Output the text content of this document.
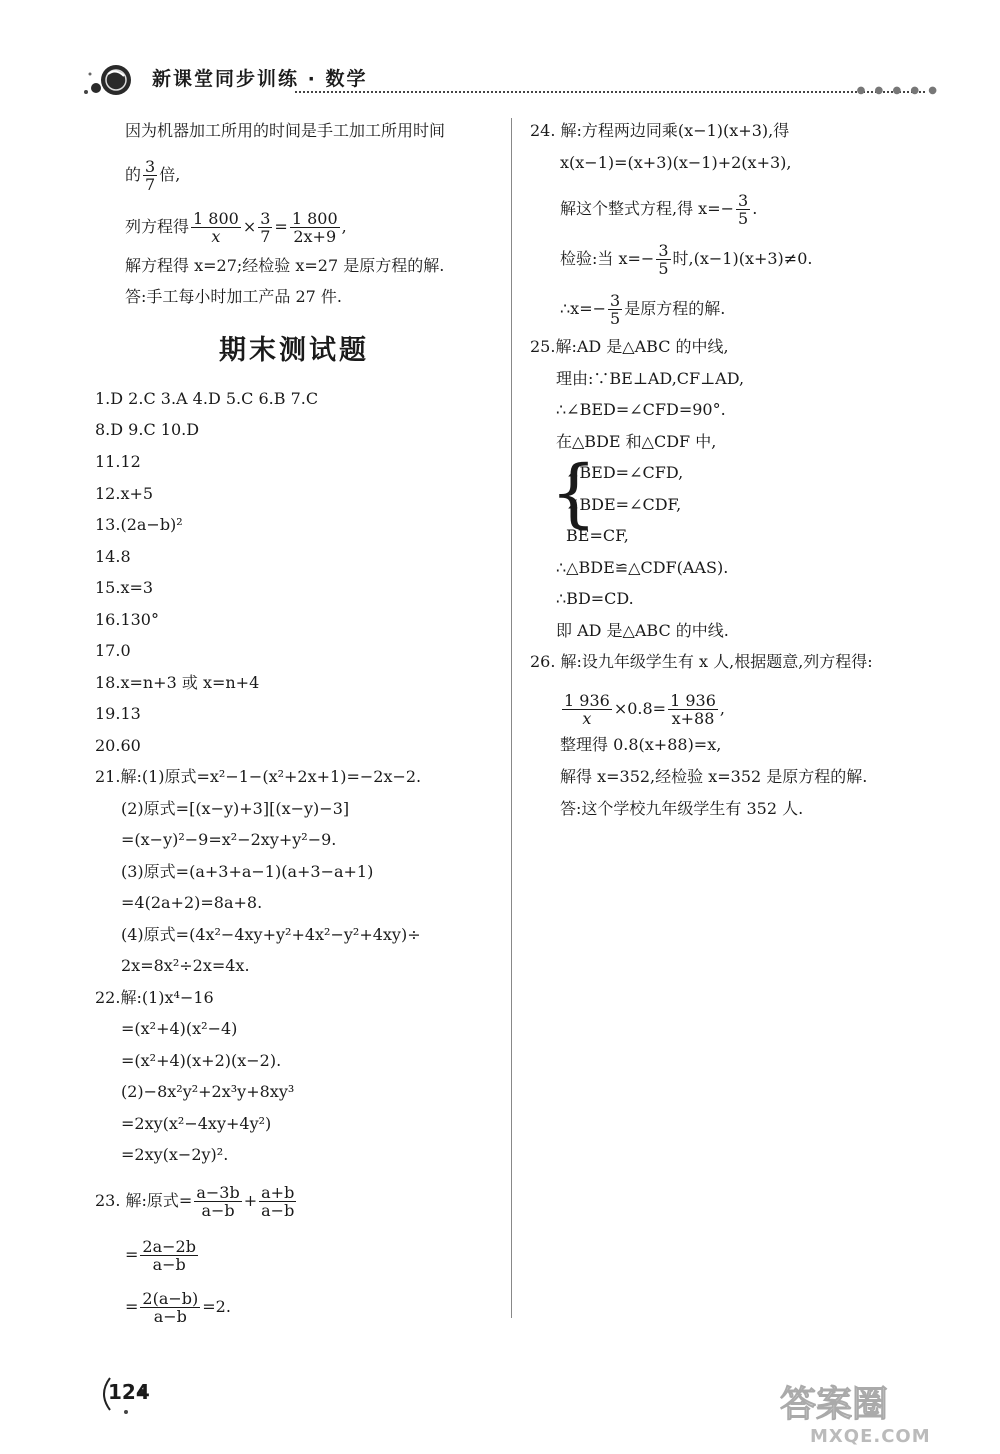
新课堂同步训练 · 数学
● ● ● ● ●
因为机器加工所用的时间是手工加工所用时间
的 $\frac{3}{7}$ 倍,
列方程得 $\frac{1 800}{x} \times \frac{3}{7} = \frac{1 800}{2x+9}$ ,
解方程得 x=27;经检验 x=27 是原方程的解.
答:手工每小时加工产品 27 件.
期末测试题
1.D 2.C 3.A 4.D 5.C 6.B 7.C
8.D 9.C 10.D
11.12
12.x+5
13.(2a−b)²
14.8
15.x=3
16.130°
17.0
18.x=n+3 或 x=n+4
19.13
20.60
21.解:(1)原式=x²−1−(x²+2x+1)=−2x−2.
(2)原式=[(x−y)+3][(x−y)−3]
=(x−y)²−9=x²−2xy+y²−9.
(3)原式=(a+3+a−1)(a+3−a+1)
=4(2a+2)=8a+8.
(4)原式=(4x²−4xy+y²+4x²−y²+4xy)÷
2x=8x²÷2x=4x.
22.解:(1)x⁴−16
=(x²+4)(x²−4)
=(x²+4)(x+2)(x−2).
(2)−8x²y²+2x³y+8xy³
=2xy(x²−4xy+4y²)
=2xy(x−2y)².
23. 解:原式= $\frac{a-3b}{a-b} + \frac{a+b}{a-b}$
= $\frac{2a-2b}{a-b}$
= $\frac{2(a-b)}{a-b} =2$.
24. 解:方程两边同乘(x−1)(x+3),得
x(x−1)=(x+3)(x−1)+2(x+3),
解这个整式方程,得 $x=- \frac{3}{5}$ .
检验:当 $x=- \frac{3}{5}$ 时,(x−1)(x+3)≠0.
∴x=− $\frac{3}{5}$ 是原方程的解.
25.解:AD 是△ABC 的中线,
理由:∵BE⊥AD,CF⊥AD,
∴∠BED=∠CFD=90°.
在△BDE 和△CDF 中,
{
∠BED=∠CFD,
∠BDE=∠CDF,
BE=CF,
∴△BDE≌△CDF(AAS).
∴BD=CD.
即 AD 是△ABC 的中线.
26. 解:设九年级学生有 x 人,根据题意,列方程得:
$\frac{1 936}{x} \times 0.8= \frac{1 936}{x+88}$ ,
整理得 0.8(x+88)=x,
解得 x=352,经检验 x=352 是原方程的解.
答:这个学校九年级学生有 352 人.
124	答案圈
MXQE.COM
